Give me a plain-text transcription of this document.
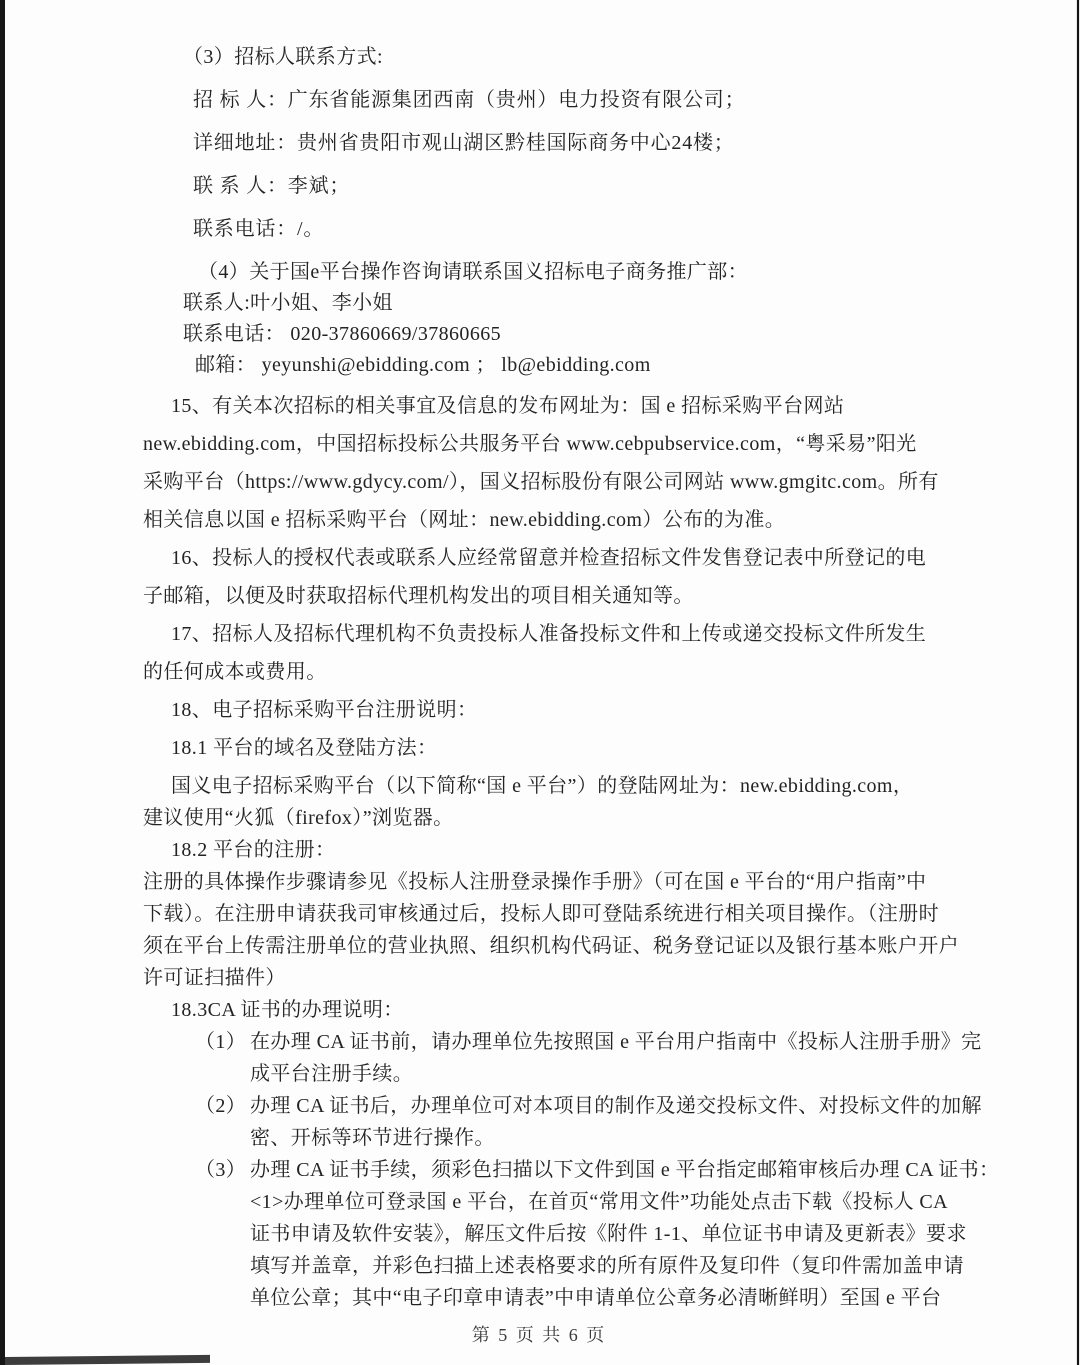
（3）招标人联系方式:
招 标 人：广东省能源集团西南（贵州）电力投资有限公司；
详细地址：贵州省贵阳市观山湖区黔桂国际商务中心24楼；
联 系 人：李斌；
联系电话：/。
（4）关于国e平台操作咨询请联系国义招标电子商务推广部：
联系人:叶小姐、李小姐
联系电话： 020-37860669/37860665
邮箱： yeyunshi@ebidding.com ； lb@ebidding.com
15、有关本次招标的相关事宜及信息的发布网址为：国 e 招标采购平台网站
new.ebidding.com，中国招标投标公共服务平台 www.cebpubservice.com，“粤采易”阳光
采购平台（https://www.gdycy.com/），国义招标股份有限公司网站 www.gmgitc.com。所有
相关信息以国 e 招标采购平台（网址：new.ebidding.com）公布的为准。
16、投标人的授权代表或联系人应经常留意并检查招标文件发售登记表中所登记的电
子邮箱，以便及时获取招标代理机构发出的项目相关通知等。
17、招标人及招标代理机构不负责投标人准备投标文件和上传或递交投标文件所发生
的任何成本或费用。
18、电子招标采购平台注册说明：
18.1 平台的域名及登陆方法：
国义电子招标采购平台（以下简称“国 e 平台”）的登陆网址为：new.ebidding.com，
建议使用“火狐（firefox）”浏览器。
18.2 平台的注册：
注册的具体操作步骤请参见《投标人注册登录操作手册》（可在国 e 平台的“用户指南”中
下载）。在注册申请获我司审核通过后，投标人即可登陆系统进行相关项目操作。（注册时
须在平台上传需注册单位的营业执照、组织机构代码证、税务登记证以及银行基本账户开户
许可证扫描件）
18.3CA 证书的办理说明：
（1） 在办理 CA 证书前，请办理单位先按照国 e 平台用户指南中《投标人注册手册》完
成平台注册手续。
（2） 办理 CA 证书后，办理单位可对本项目的制作及递交投标文件、对投标文件的加解
密、开标等环节进行操作。
（3） 办理 CA 证书手续，须彩色扫描以下文件到国 e 平台指定邮箱审核后办理 CA 证书：
<1>办理单位可登录国 e 平台，在首页“常用文件”功能处点击下载《投标人 CA
证书申请及软件安装》，解压文件后按《附件 1-1、单位证书申请及更新表》要求
填写并盖章，并彩色扫描上述表格要求的所有原件及复印件（复印件需加盖申请
单位公章；其中“电子印章申请表”中申请单位公章务必清晰鲜明）至国 e 平台
第 5 页 共 6 页
